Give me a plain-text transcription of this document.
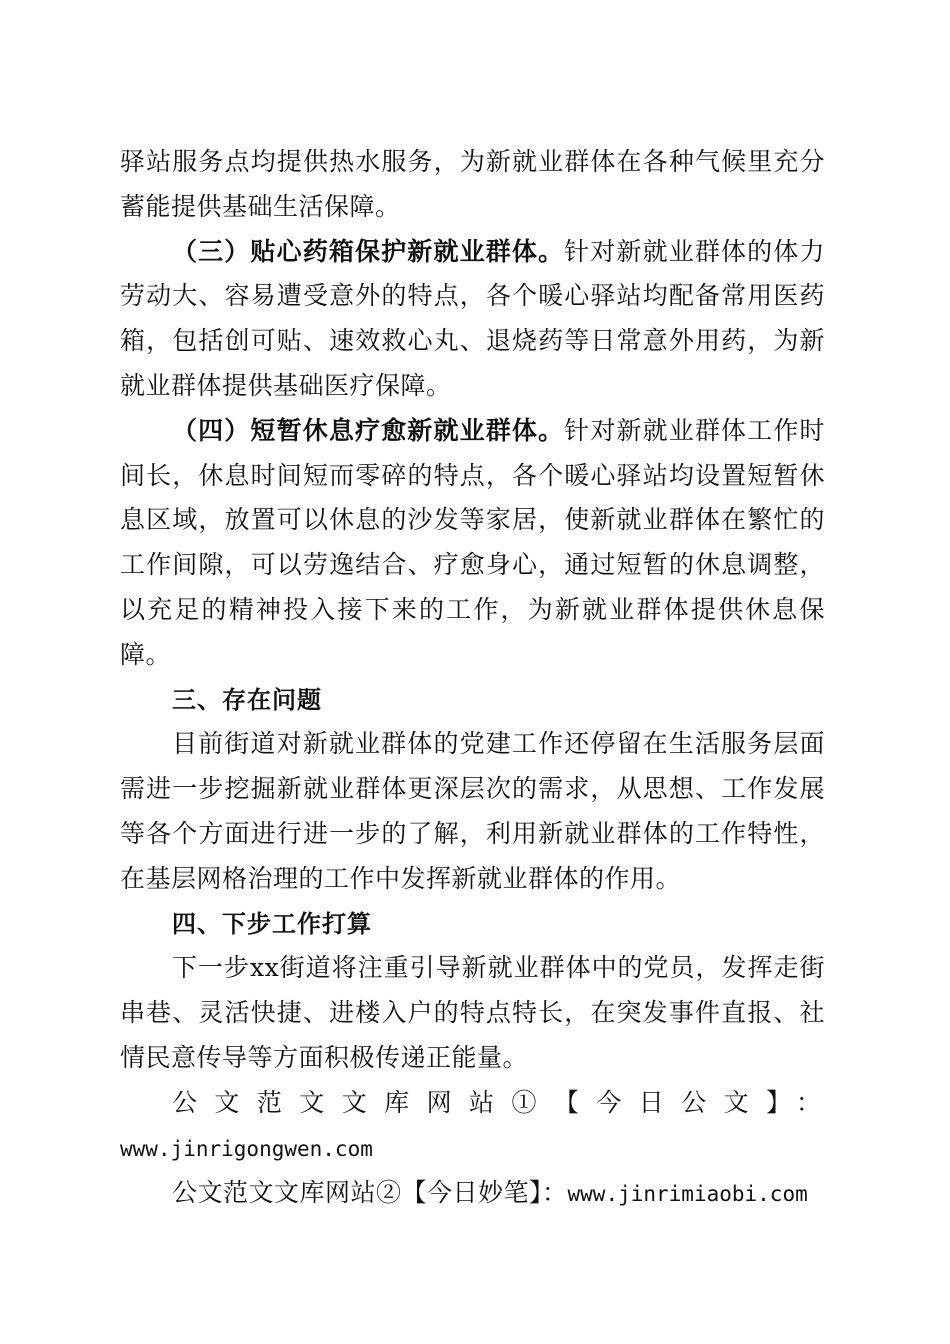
驿站服务点均提供热水服务，为新就业群体在各种气候里充分蓄能提供基础生活保障。

（三）贴心药箱保护新就业群体。针对新就业群体的体力劳动大、容易遭受意外的特点，各个暖心驿站均配备常用医药箱，包括创可贴、速效救心丸、退烧药等日常意外用药，为新就业群体提供基础医疗保障。

（四）短暂休息疗愈新就业群体。针对新就业群体工作时间长，休息时间短而零碎的特点，各个暖心驿站均设置短暂休息区域，放置可以休息的沙发等家居，使新就业群体在繁忙的工作间隙，可以劳逸结合、疗愈身心，通过短暂的休息调整，以充足的精神投入接下来的工作，为新就业群体提供休息保障。

三、存在问题

目前街道对新就业群体的党建工作还停留在生活服务层面需进一步挖掘新就业群体更深层次的需求，从思想、工作发展等各个方面进行进一步的了解，利用新就业群体的工作特性，在基层网格治理的工作中发挥新就业群体的作用。

四、下步工作打算

下一步xx街道将注重引导新就业群体中的党员，发挥走街串巷、灵活快捷、进楼入户的特点特长，在突发事件直报、社情民意传导等方面积极传递正能量。

公文范文文库网站①【今日公文】：

www.jinrigongwen.com

公文范文文库网站②【今日妙笔】：www.jinrimiaobi.com
